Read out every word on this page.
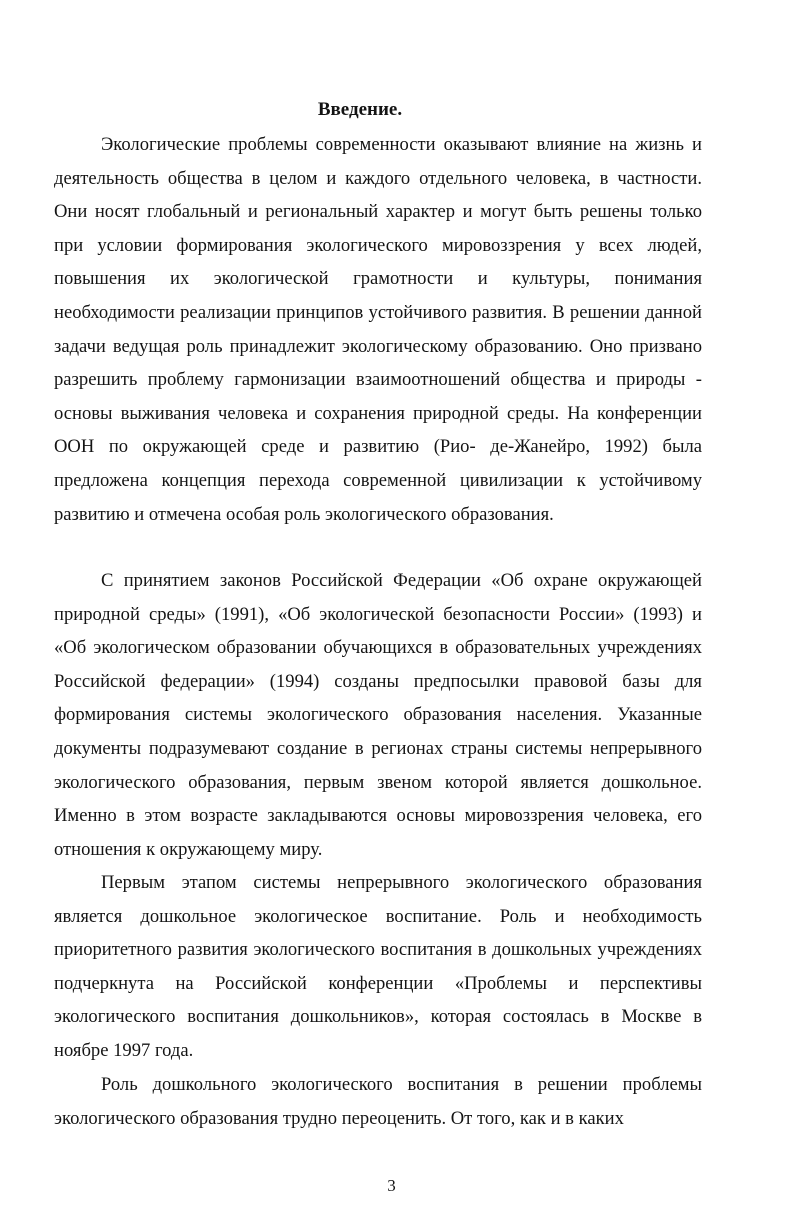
Введение.

Экологические проблемы современности оказывают влияние на жизнь и деятельность общества в целом и каждого отдельного человека, в частности. Они носят глобальный и региональный характер и могут быть решены только при условии формирования экологического мировоззрения у всех людей, повышения их экологической грамотности и культуры, понимания необходимости реализации принципов устойчивого развития. В решении данной задачи ведущая роль принадлежит экологическому образованию. Оно призвано разрешить проблему гармонизации взаимоотношений общества и природы - основы выживания человека и сохранения природной среды. На конференции ООН по окружающей среде и развитию (Рио- де-Жанейро, 1992) была предложена концепция перехода современной цивилизации к устойчивому развитию и отмечена особая роль экологического образования.

С принятием законов Российской Федерации «Об охране окружающей природной среды» (1991), «Об экологической безопасности России» (1993) и «Об экологическом образовании обучающихся в образовательных учреждениях Российской федерации» (1994) созданы предпосылки правовой базы для формирования системы экологического образования населения. Указанные документы подразумевают создание в регионах страны системы непрерывного экологического образования, первым звеном которой является дошкольное. Именно в этом возрасте закладываются основы мировоззрения человека, его отношения к окружающему миру.

Первым этапом системы непрерывного экологического образования является дошкольное экологическое воспитание. Роль и необходимость приоритетного развития экологического воспитания в дошкольных учреждениях подчеркнута на Российской конференции «Проблемы и перспективы экологического воспитания дошкольников», которая состоялась в Москве в ноябре 1997 года.

Роль дошкольного экологического воспитания в решении проблемы экологического образования трудно переоценить. От того, как и в каких

3
